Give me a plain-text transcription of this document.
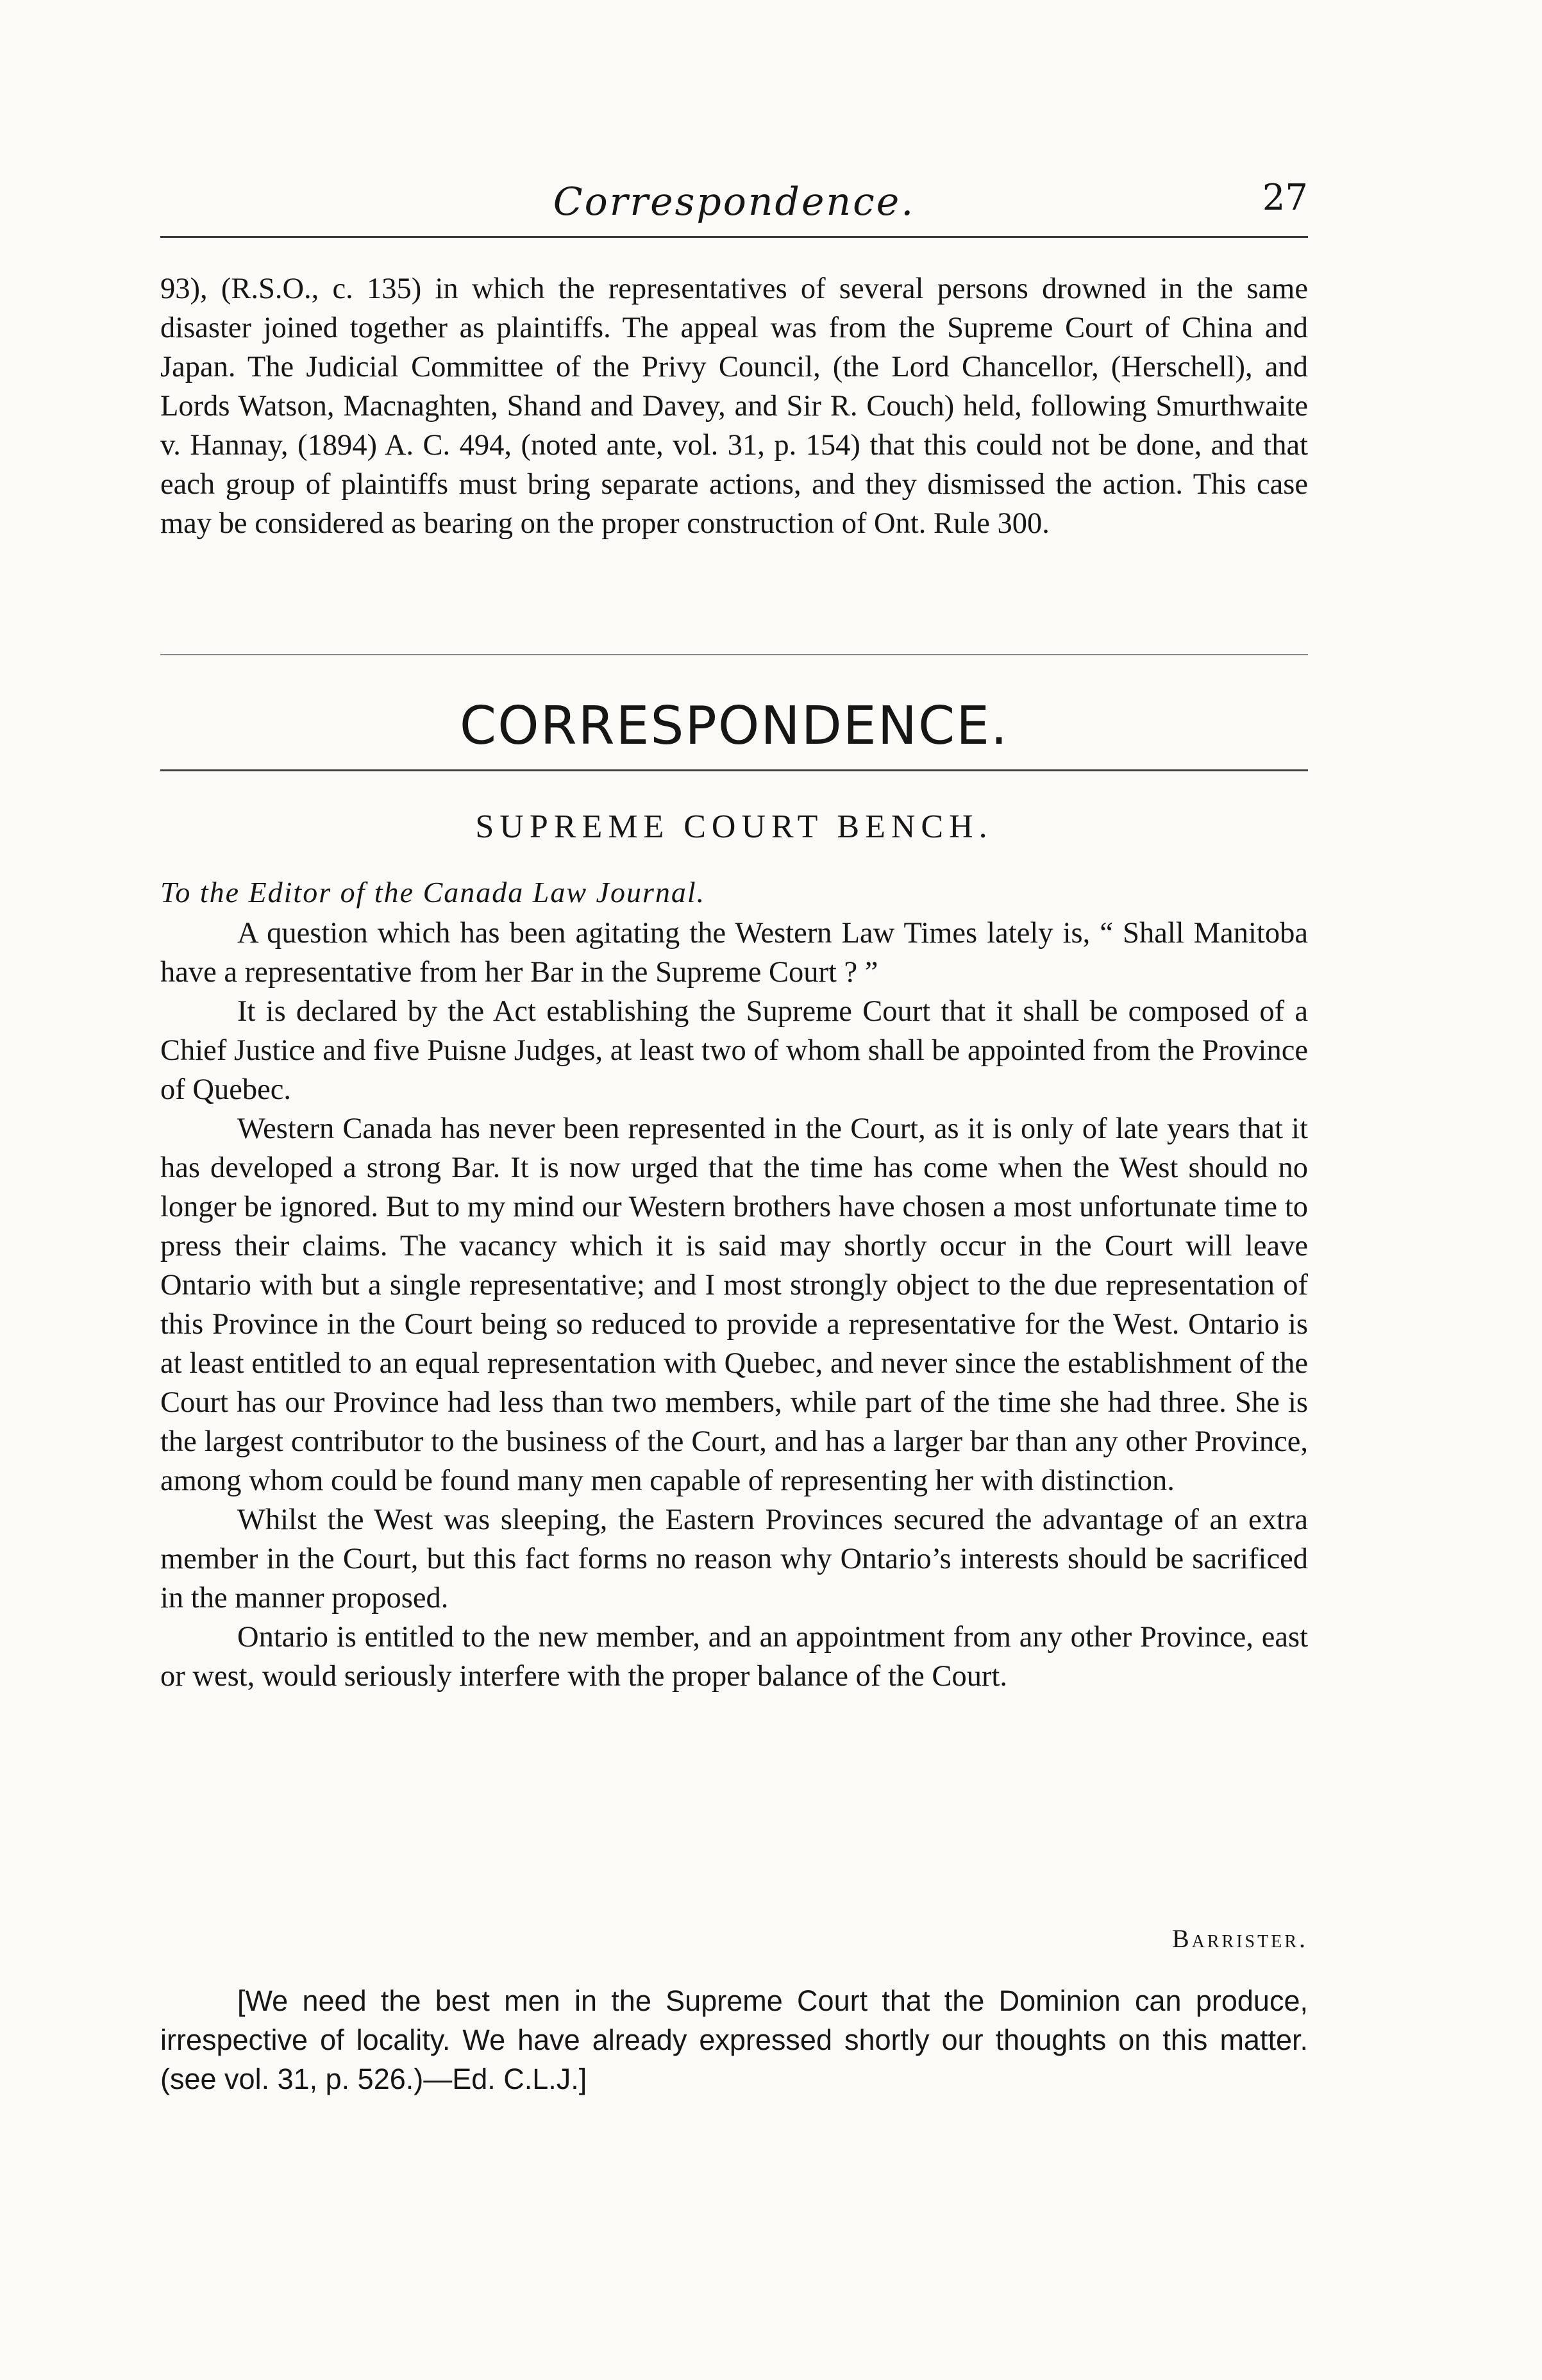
Correspondence.	27

93), (R.S.O., c. 135) in which the representatives of several persons drowned in the same disaster joined together as plaintiffs. The appeal was from the Supreme Court of China and Japan. The Judicial Committee of the Privy Council, (the Lord Chancellor, (Herschell), and Lords Watson, Macnaghten, Shand and Davey, and Sir R. Couch) held, following Smurthwaite v. Hannay, (1894) A. C. 494, (noted ante, vol. 31, p. 154) that this could not be done, and that each group of plaintiffs must bring separate actions, and they dismissed the action. This case may be considered as bearing on the proper construction of Ont. Rule 300.

CORRESPONDENCE.
SUPREME COURT BENCH.
To the Editor of the Canada Law Journal.

A question which has been agitating the Western Law Times lately is, “ Shall Manitoba have a representative from her Bar in the Supreme Court ? ”

It is declared by the Act establishing the Supreme Court that it shall be composed of a Chief Justice and five Puisne Judges, at least two of whom shall be appointed from the Province of Quebec.

Western Canada has never been represented in the Court, as it is only of late years that it has developed a strong Bar. It is now urged that the time has come when the West should no longer be ignored. But to my mind our Western brothers have chosen a most unfortunate time to press their claims. The vacancy which it is said may shortly occur in the Court will leave Ontario with but a single representative; and I most strongly object to the due representation of this Province in the Court being so reduced to provide a representative for the West. Ontario is at least entitled to an equal representation with Quebec, and never since the establishment of the Court has our Province had less than two members, while part of the time she had three. She is the largest contributor to the business of the Court, and has a larger bar than any other Province, among whom could be found many men capable of representing her with distinction.

Whilst the West was sleeping, the Eastern Provinces secured the advantage of an extra member in the Court, but this fact forms no reason why Ontario’s interests should be sacrificed in the manner proposed.

Ontario is entitled to the new member, and an appointment from any other Province, east or west, would seriously interfere with the proper balance of the Court.

Barrister.

[We need the best men in the Supreme Court that the Dominion can produce, irrespective of locality. We have already expressed shortly our thoughts on this matter. (see vol. 31, p. 526.)—Ed. C.L.J.]
